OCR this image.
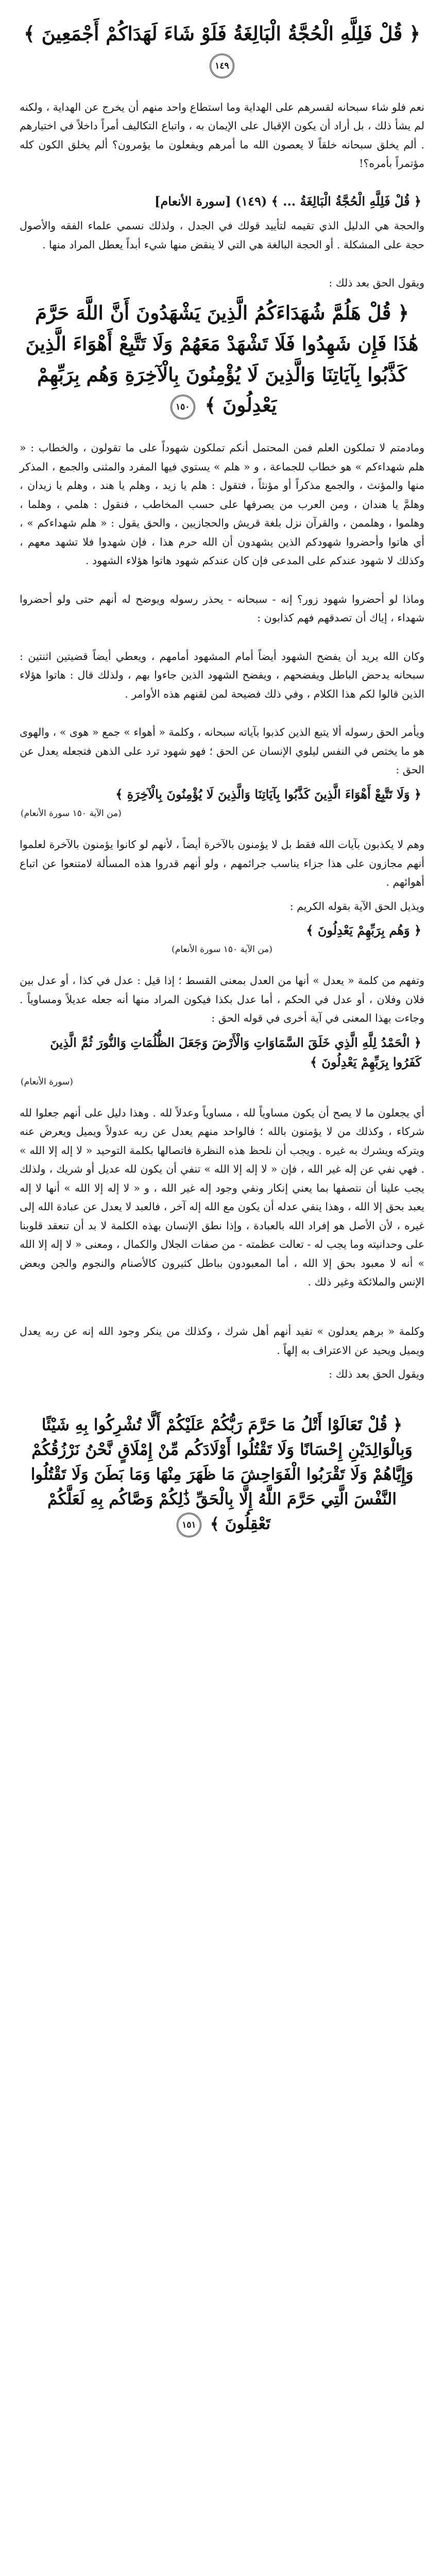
﴿ قُلْ فَلِلَّهِ الْحُجَّةُ الْبَالِغَةُ فَلَوْ شَاءَ لَهَدَاكُمْ أَجْمَعِينَ ﴾ ١٤٩

نعم فلو شاء سبحانه لقسرهم على الهداية وما استطاع واحد منهم أن يخرج عن الهداية ، ولكنه لم يشأ ذلك ، بل أراد أن يكون الإقبال على الإيمان به ، واتباع التكاليف أمراً داخلاً في اختيارهم . ألم يخلق سبحانه خلقاً لا يعصون الله ما أمرهم ويفعلون ما يؤمرون؟ ألم يخلق الكون كله مؤتمراً بأمره؟!

﴿ قُلْ فَلِلَّهِ الْحُجَّةُ الْبَالِغَةُ ... ﴾ (١٤٩) [سورة الأنعام]

والحجة هي الدليل الذي تقيمه لتأييد قولك في الجدل ، ولذلك نسمي علماء الفقه والأصول حجة على المشكلة . أو الحجة البالغة هي التي لا ينقض منها شيء أبداً يعطل المراد منها .

ويقول الحق بعد ذلك :

﴿ قُلْ هَلُمَّ شُهَدَاءَكُمُ الَّذِينَ يَشْهَدُونَ أَنَّ اللَّهَ حَرَّمَ هَٰذَا فَإِن شَهِدُوا فَلَا تَشْهَدْ مَعَهُمْ وَلَا تَتَّبِعْ أَهْوَاءَ الَّذِينَ كَذَّبُوا بِآيَاتِنَا وَالَّذِينَ لَا يُؤْمِنُونَ بِالْآخِرَةِ وَهُم بِرَبِّهِمْ يَعْدِلُونَ ﴾ ١٥٠

ومادمتم لا تملكون العلم فمن المحتمل أنكم تملكون شهوداً على ما تقولون ، والخطاب : « هلم شهداءكم » هو خطاب للجماعة ، و « هلم » يستوي فيها المفرد والمثنى والجمع ، المذكر منها والمؤنث ، والجمع مذكراً أو مؤنثاً ، فتقول : هلم يا زيد ، وهلم يا هند ، وهلم يا زيدان ، وهلمَّ يا هندان ، ومن العرب من يصرفها على حسب المخاطب ، فنقول : هلمي ، وهلما ، وهلموا ، وهلممن ، والقرآن نزل بلغة قريش والحجازيين ، والحق يقول : « هلم شهداءكم » ، أي هاتوا وأحضروا شهودكم الذين يشهدون أن الله حرم هذا ، فإن شهدوا فلا تشهد معهم ، وكذلك لا شهود عندكم على المدعى فإن كان عندكم شهود هاتوا هؤلاء الشهود .

وماذا لو أحضروا شهود زور؟ إنه - سبحانه - يحذر رسوله ويوضح له أنهم حتى ولو أحضروا شهداء ، إياك أن تصدقهم فهم كذابون :

وكان الله يريد أن يفضح الشهود أيضاً أمام المشهود أمامهم ، ويعطي أيضاً قضيتين اثنتين : سبحانه يدحض الباطل ويفضحهم ، ويفضح الشهود الذين جاءوا بهم ، ولذلك قال : هاتوا هؤلاء الذين قالوا لكم هذا الكلام ، وفي ذلك فضيحة لمن لقنهم هذه الأوامر .

ويأمر الحق رسوله ألا يتبع الذين كذبوا بآياته سبحانه ، وكلمة « أهواء » جمع « هوى » ، والهوى هو ما يختص في النفس ليلوي الإنسان عن الحق ؛ فهو شهود ترد على الذهن فتجعله يعدل عن الحق :

﴿ وَلَا تَتَّبِعْ أَهْوَاءَ الَّذِينَ كَذَّبُوا بِآيَاتِنَا وَالَّذِينَ لَا يُؤْمِنُونَ بِالْآخِرَةِ ﴾

(من الآية ١٥٠ سورة الأنعام)

وهم لا يكذبون بآيات الله فقط بل لا يؤمنون بالآخرة أيضاً ، لأنهم لو كانوا يؤمنون بالآخرة لعلموا أنهم مجازون على هذا جزاء يناسب جرائمهم ، ولو أنهم قدروا هذه المسألة لامتنعوا عن اتباع أهوائهم .

ويذيل الحق الآية بقوله الكريم :

﴿ وَهُم بِرَبِّهِمْ يَعْدِلُونَ ﴾

(من الآية ١٥٠ سورة الأنعام)

وتفهم من كلمة « يعدل » أنها من العدل بمعنى القسط ؛ إذا قيل : عدل في كذا ، أو عدل بين فلان وفلان ، أو عدل في الحكم ، أما عدل بكذا فيكون المراد منها أنه جعله عديلاً ومساوياً . وجاءت بهذا المعنى في آية أخرى في قوله الحق :

﴿ الْحَمْدُ لِلَّهِ الَّذِي خَلَقَ السَّمَاوَاتِ وَالْأَرْضَ وَجَعَلَ الظُّلُمَاتِ وَالنُّورَ ثُمَّ الَّذِينَ كَفَرُوا بِرَبِّهِمْ يَعْدِلُونَ ﴾

(سورة الأنعام)

أي يجعلون ما لا يصح أن يكون مساوياً لله ، مساوياً وعدلاً لله . وهذا دليل على أنهم جعلوا لله شركاء ، وكذلك من لا يؤمنون بالله ؛ فالواحد منهم يعدل عن ربه عدولاً ويميل ويعرض عنه ويتركه ويشرك به غيره . ويجب أن نلحظ هذه النظرة فاتصالها بكلمة التوحيد « لا إله إلا الله » . فهي نفي عن إله غير الله ، فإن « لا إله إلا الله » تنفي أن يكون لله عديل أو شريك ، ولذلك يجب علينا أن نتصفها بما يعني إنكار ونفي وجود إله غير الله ، و « لا إله إلا الله » أنها لا إله يعبد بحق إلا الله ، وهذا ينفي عدله أن يكون مع الله إله آخر ، فالعبد لا يعدل عن عبادة الله إلى غيره ، لأن الأصل هو إفراد الله بالعبادة ، وإذا نطق الإنسان بهذه الكلمة لا بد أن تنعقد قلوبنا على وحدانيته وما يجب له - تعالت عظمته - من صفات الجلال والكمال ، ومعنى « لا إله إلا الله » أنه لا معبود بحق إلا الله ، أما المعبودون بباطل كثيرون كالأصنام والنجوم والجن وبعض الإنس والملائكة وغير ذلك .

وكلمة « برهم يعدلون » تفيد أنهم أهل شرك ، وكذلك من ينكر وجود الله إنه عن ربه يعدل ويميل ويحيد عن الاعتراف به إلهاً .

ويقول الحق بعد ذلك :

﴿ قُلْ تَعَالَوْا أَتْلُ مَا حَرَّمَ رَبُّكُمْ عَلَيْكُمْ أَلَّا تُشْرِكُوا بِهِ شَيْئًا وَبِالْوَالِدَيْنِ إِحْسَانًا وَلَا تَقْتُلُوا أَوْلَادَكُم مِّنْ إِمْلَاقٍ نَّحْنُ نَرْزُقُكُمْ وَإِيَّاهُمْ وَلَا تَقْرَبُوا الْفَوَاحِشَ مَا ظَهَرَ مِنْهَا وَمَا بَطَنَ وَلَا تَقْتُلُوا النَّفْسَ الَّتِي حَرَّمَ اللَّهُ إِلَّا بِالْحَقِّ ذَٰلِكُمْ وَصَّاكُم بِهِ لَعَلَّكُمْ تَعْقِلُونَ ﴾ ١٥١
